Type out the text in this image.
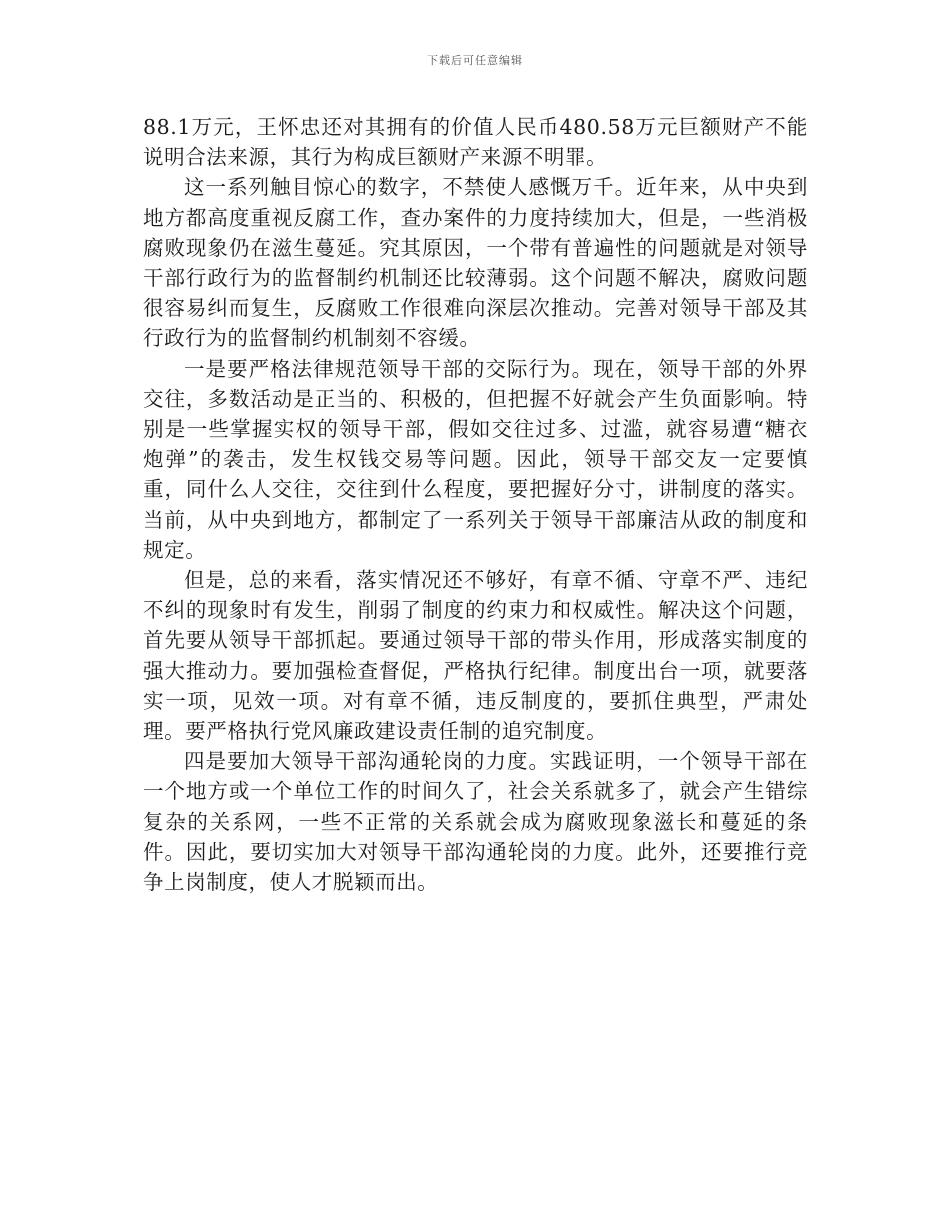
下载后可任意编辑

88.1万元，王怀忠还对其拥有的价值人民币480.58万元巨额财产不能说明合法来源，其行为构成巨额财产来源不明罪。

这一系列触目惊心的数字，不禁使人感慨万千。近年来，从中央到地方都高度重视反腐工作，查办案件的力度持续加大，但是，一些消极腐败现象仍在滋生蔓延。究其原因，一个带有普遍性的问题就是对领导干部行政行为的监督制约机制还比较薄弱。这个问题不解决，腐败问题很容易纠而复生，反腐败工作很难向深层次推动。完善对领导干部及其行政行为的监督制约机制刻不容缓。

一是要严格法律规范领导干部的交际行为。现在，领导干部的外界交往，多数活动是正当的、积极的，但把握不好就会产生负面影响。特别是一些掌握实权的领导干部，假如交往过多、过滥，就容易遭“糖衣炮弹”的袭击，发生权钱交易等问题。因此，领导干部交友一定要慎重，同什么人交往，交往到什么程度，要把握好分寸，讲制度的落实。当前，从中央到地方，都制定了一系列关于领导干部廉洁从政的制度和规定。

但是，总的来看，落实情况还不够好，有章不循、守章不严、违纪不纠的现象时有发生，削弱了制度的约束力和权威性。解决这个问题，首先要从领导干部抓起。要通过领导干部的带头作用，形成落实制度的强大推动力。要加强检查督促，严格执行纪律。制度出台一项，就要落实一项，见效一项。对有章不循，违反制度的，要抓住典型，严肃处理。要严格执行党风廉政建设责任制的追究制度。

四是要加大领导干部沟通轮岗的力度。实践证明，一个领导干部在一个地方或一个单位工作的时间久了，社会关系就多了，就会产生错综复杂的关系网，一些不正常的关系就会成为腐败现象滋长和蔓延的条件。因此，要切实加大对领导干部沟通轮岗的力度。此外，还要推行竞争上岗制度，使人才脱颖而出。
